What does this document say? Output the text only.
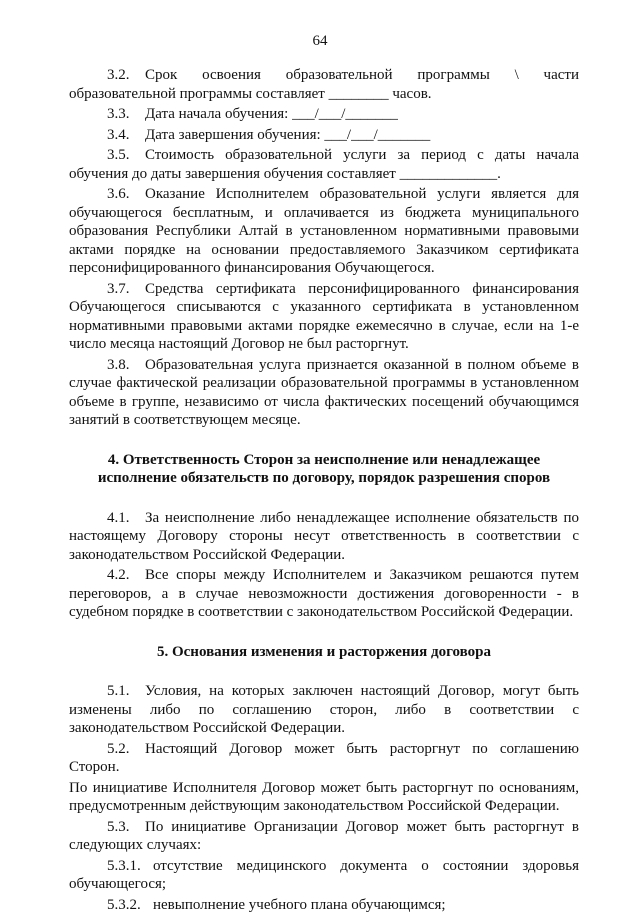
64

3.2. Срок освоения образовательной программы \ части образовательной программы составляет ________ часов.

3.3. Дата начала обучения: ___/___/_______

3.4. Дата завершения обучения: ___/___/_______

3.5. Стоимость образовательной услуги за период с даты начала обучения до даты завершения обучения составляет _____________.

3.6. Оказание Исполнителем образовательной услуги является для обучающегося бесплатным, и оплачивается из бюджета муниципального образования Республики Алтай в установленном нормативными правовыми актами порядке на основании предоставляемого Заказчиком сертификата персонифицированного финансирования Обучающегося.

3.7. Средства сертификата персонифицированного финансирования Обучающегося списываются с указанного сертификата в установленном нормативными правовыми актами порядке ежемесячно в случае, если на 1-е число месяца настоящий Договор не был расторгнут.

3.8. Образовательная услуга признается оказанной в полном объеме в случае фактической реализации образовательной программы в установленном объеме в группе, независимо от числа фактических посещений обучающимся занятий в соответствующем месяце.

4. Ответственность Сторон за неисполнение или ненадлежащее

исполнение обязательств по договору, порядок разрешения споров

4.1. За неисполнение либо ненадлежащее исполнение обязательств по настоящему Договору стороны несут ответственность в соответствии с законодательством Российской Федерации.

4.2. Все споры между Исполнителем и Заказчиком решаются путем переговоров, а в случае невозможности достижения договоренности - в судебном порядке в соответствии с законодательством Российской Федерации.

5. Основания изменения и расторжения договора

5.1. Условия, на которых заключен настоящий Договор, могут быть изменены либо по соглашению сторон, либо в соответствии с законодательством Российской Федерации.

5.2. Настоящий Договор может быть расторгнут по соглашению Сторон.

По инициативе Исполнителя Договор может быть расторгнут по основаниям, предусмотренным действующим законодательством Российской Федерации.

5.3. По инициативе Организации Договор может быть расторгнут в следующих случаях:

5.3.1. отсутствие медицинского документа о состоянии здоровья обучающегося;

5.3.2. невыполнение учебного плана обучающимся;
